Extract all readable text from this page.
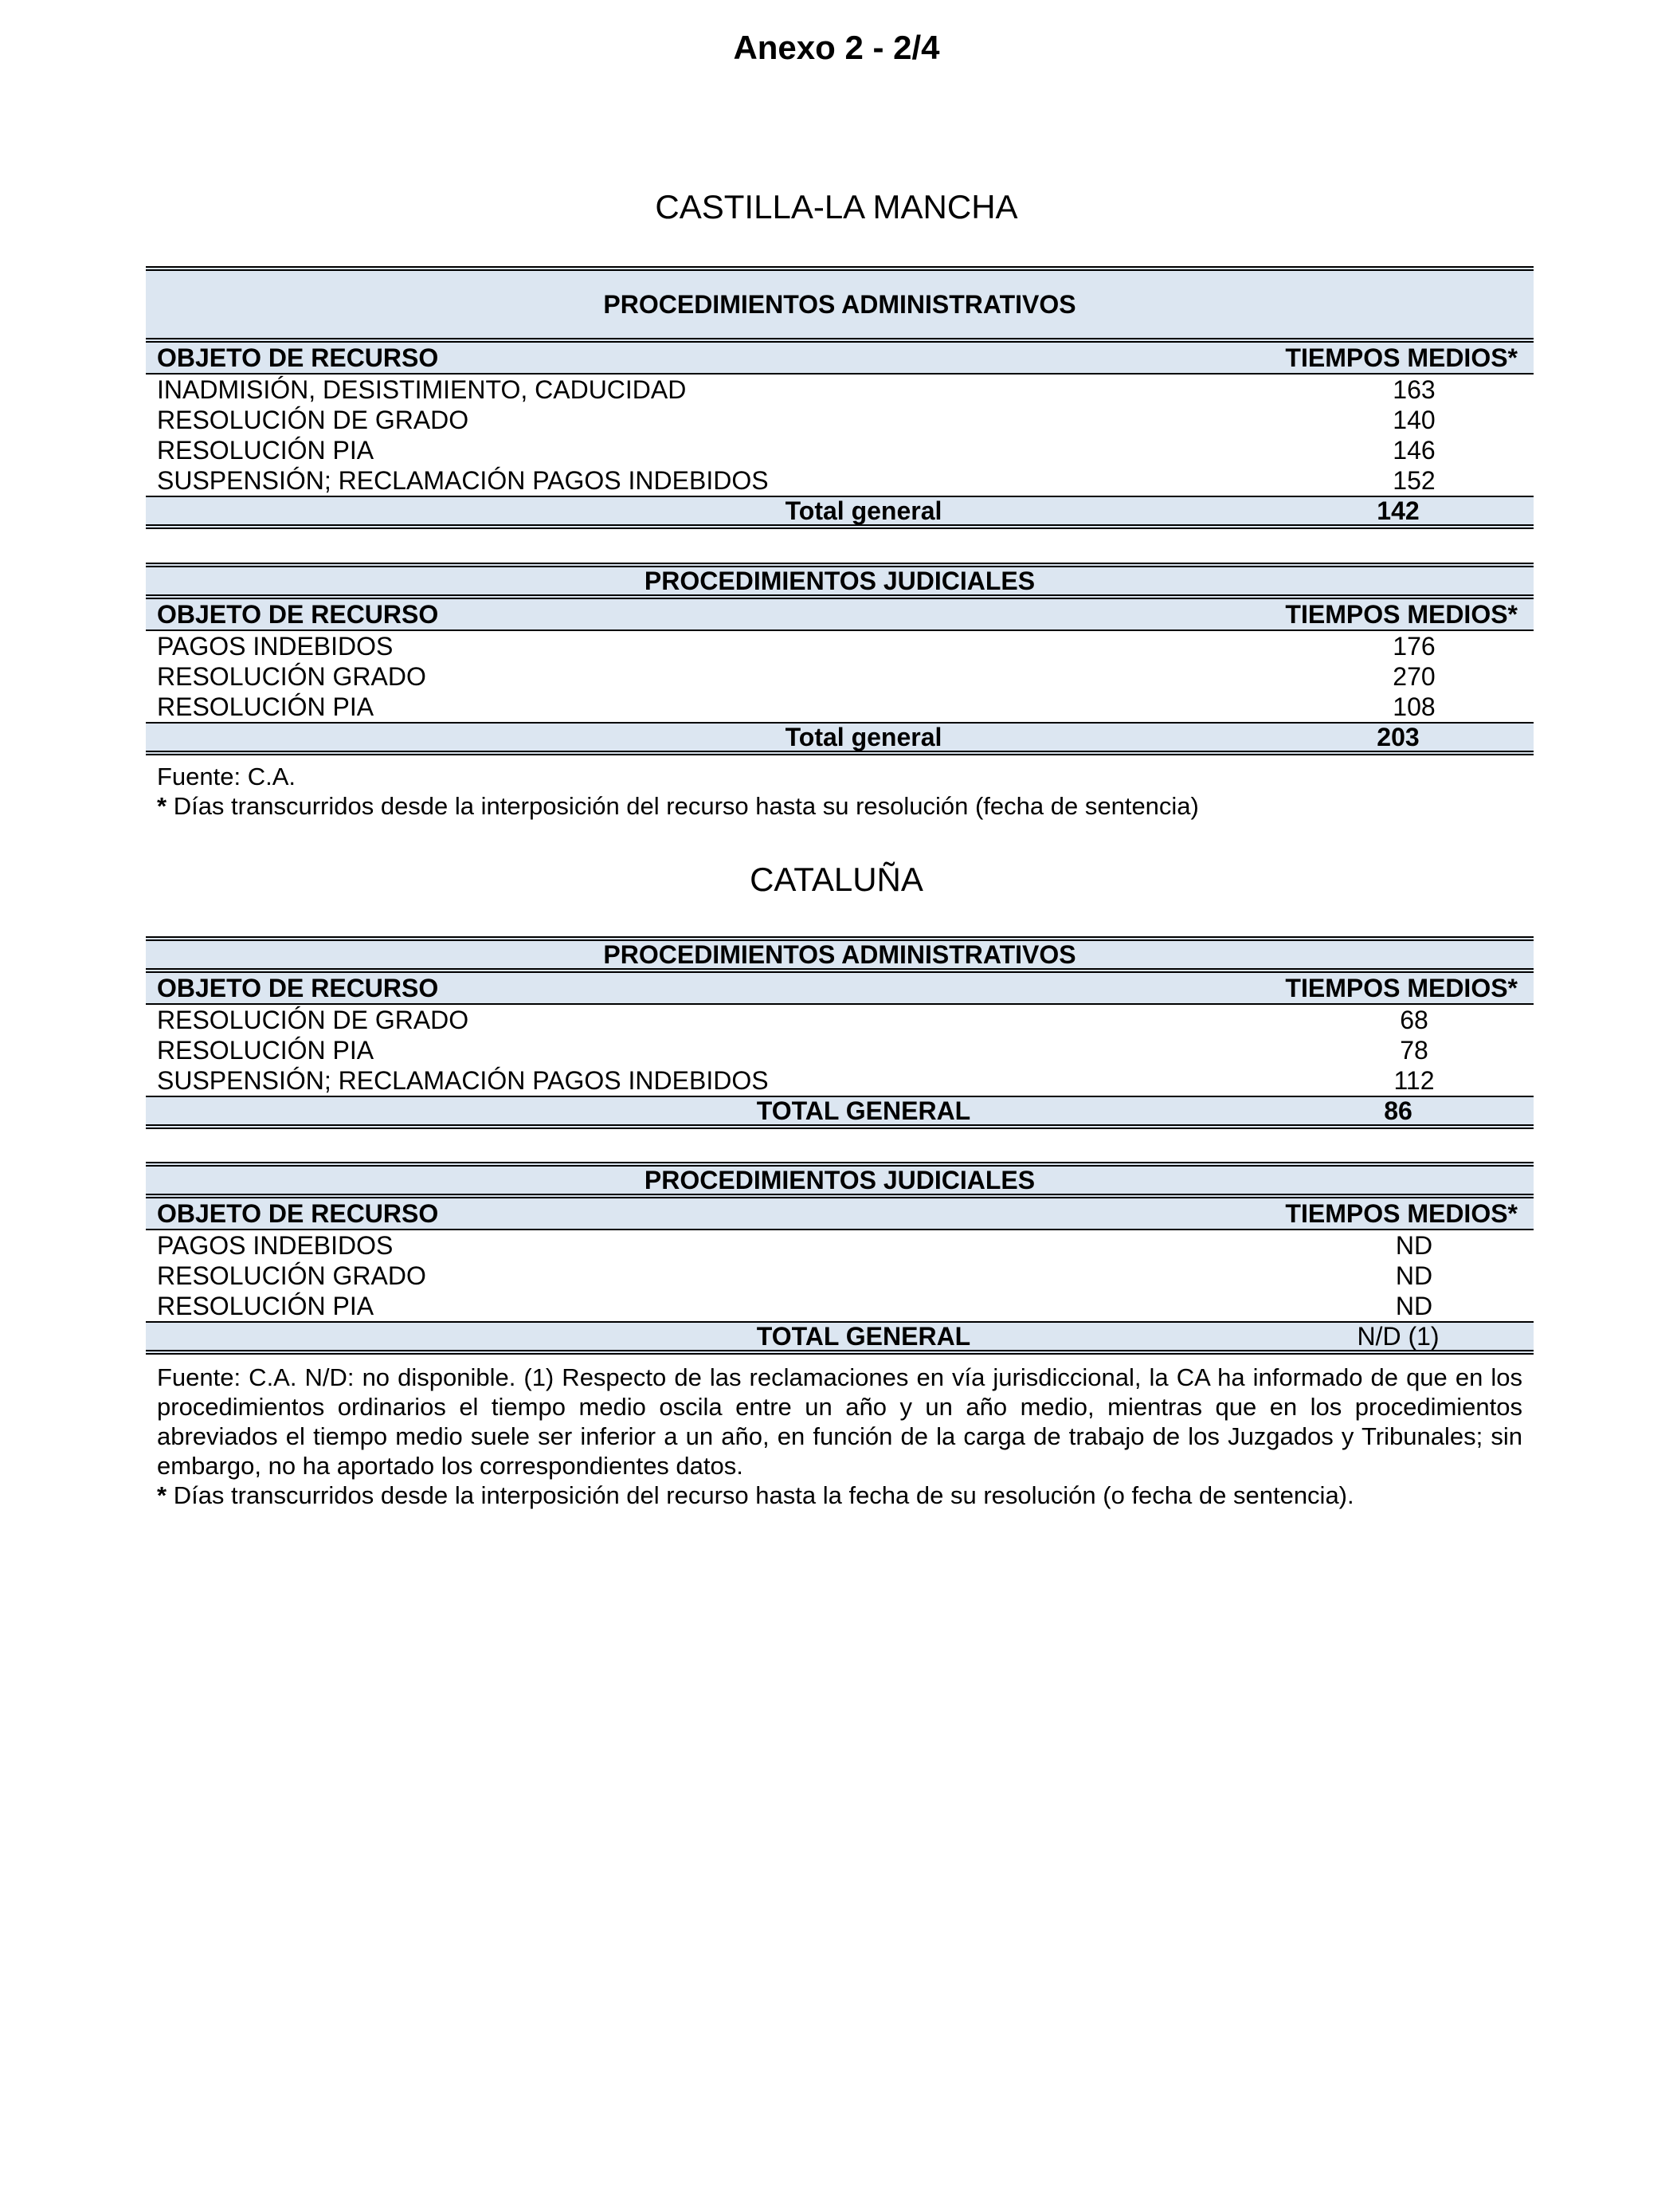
Anexo 2 - 2/4
CASTILLA-LA MANCHA
PROCEDIMIENTOS ADMINISTRATIVOS
OBJETO DE RECURSO	TIEMPOS MEDIOS*
INADMISIÓN, DESISTIMIENTO, CADUCIDAD	163
RESOLUCIÓN DE GRADO	140
RESOLUCIÓN PIA	146
SUSPENSIÓN; RECLAMACIÓN PAGOS INDEBIDOS	152
Total general	142
PROCEDIMIENTOS JUDICIALES
OBJETO DE RECURSO	TIEMPOS MEDIOS*
PAGOS INDEBIDOS	176
RESOLUCIÓN GRADO	270
RESOLUCIÓN PIA	108
Total general	203
Fuente: C.A.
* Días transcurridos desde la interposición del recurso hasta su resolución (fecha de sentencia)
CATALUÑA
PROCEDIMIENTOS ADMINISTRATIVOS
OBJETO DE RECURSO	TIEMPOS MEDIOS*
RESOLUCIÓN DE GRADO	68
RESOLUCIÓN PIA	78
SUSPENSIÓN; RECLAMACIÓN PAGOS INDEBIDOS	112
TOTAL GENERAL	86
PROCEDIMIENTOS JUDICIALES
OBJETO DE RECURSO	TIEMPOS MEDIOS*
PAGOS INDEBIDOS	ND
RESOLUCIÓN GRADO	ND
RESOLUCIÓN PIA	ND
TOTAL GENERAL	N/D (1)
Fuente: C.A. N/D: no disponible. (1) Respecto de las reclamaciones en vía jurisdiccional, la CA ha informado de que en los procedimientos ordinarios el tiempo medio oscila entre un año y un año medio, mientras que en los procedimientos abreviados el tiempo medio suele ser inferior a un año, en función de la carga de trabajo de los Juzgados y Tribunales; sin embargo, no ha aportado los correspondientes datos.
* Días transcurridos desde la interposición del recurso hasta la fecha de su resolución (o fecha de sentencia).
